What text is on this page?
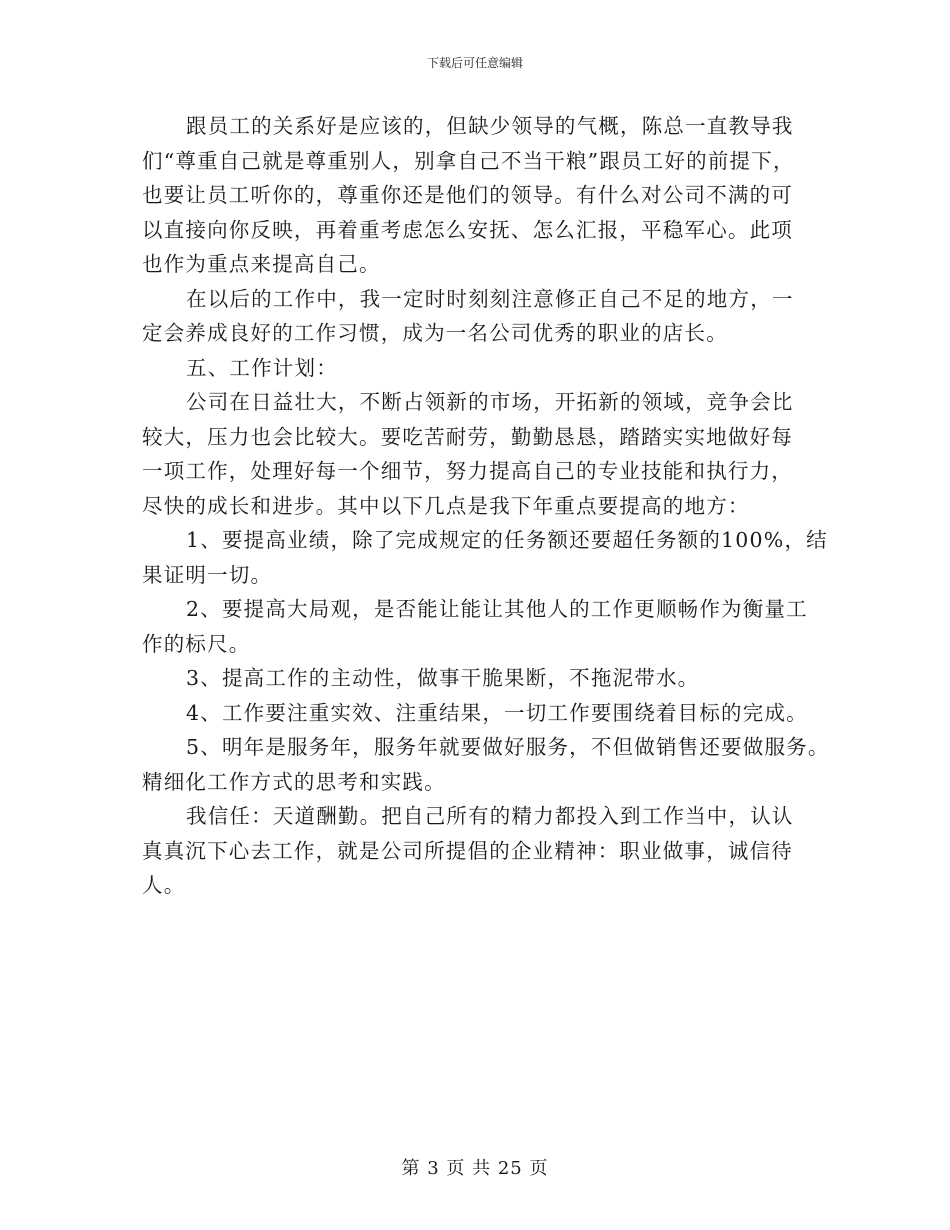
下载后可任意编辑
跟员工的关系好是应该的，但缺少领导的气概，陈总一直教导我
们“尊重自己就是尊重别人，别拿自己不当干粮”跟员工好的前提下，
也要让员工听你的，尊重你还是他们的领导。有什么对公司不满的可
以直接向你反映，再着重考虑怎么安抚、怎么汇报，平稳军心。此项
也作为重点来提高自己。
在以后的工作中，我一定时时刻刻注意修正自己不足的地方，一
定会养成良好的工作习惯，成为一名公司优秀的职业的店长。
五、工作计划：
公司在日益壮大，不断占领新的市场，开拓新的领域，竞争会比
较大，压力也会比较大。要吃苦耐劳，勤勤恳恳，踏踏实实地做好每
一项工作，处理好每一个细节，努力提高自己的专业技能和执行力，
尽快的成长和进步。其中以下几点是我下年重点要提高的地方：
1、要提高业绩，除了完成规定的任务额还要超任务额的100%，结
果证明一切。
2、要提高大局观，是否能让能让其他人的工作更顺畅作为衡量工
作的标尺。
3、提高工作的主动性，做事干脆果断，不拖泥带水。
4、工作要注重实效、注重结果，一切工作要围绕着目标的完成。
5、明年是服务年，服务年就要做好服务，不但做销售还要做服务。
精细化工作方式的思考和实践。
我信任：天道酬勤。把自己所有的精力都投入到工作当中，认认
真真沉下心去工作，就是公司所提倡的企业精神：职业做事，诚信待
人。
第 3 页 共 25 页
